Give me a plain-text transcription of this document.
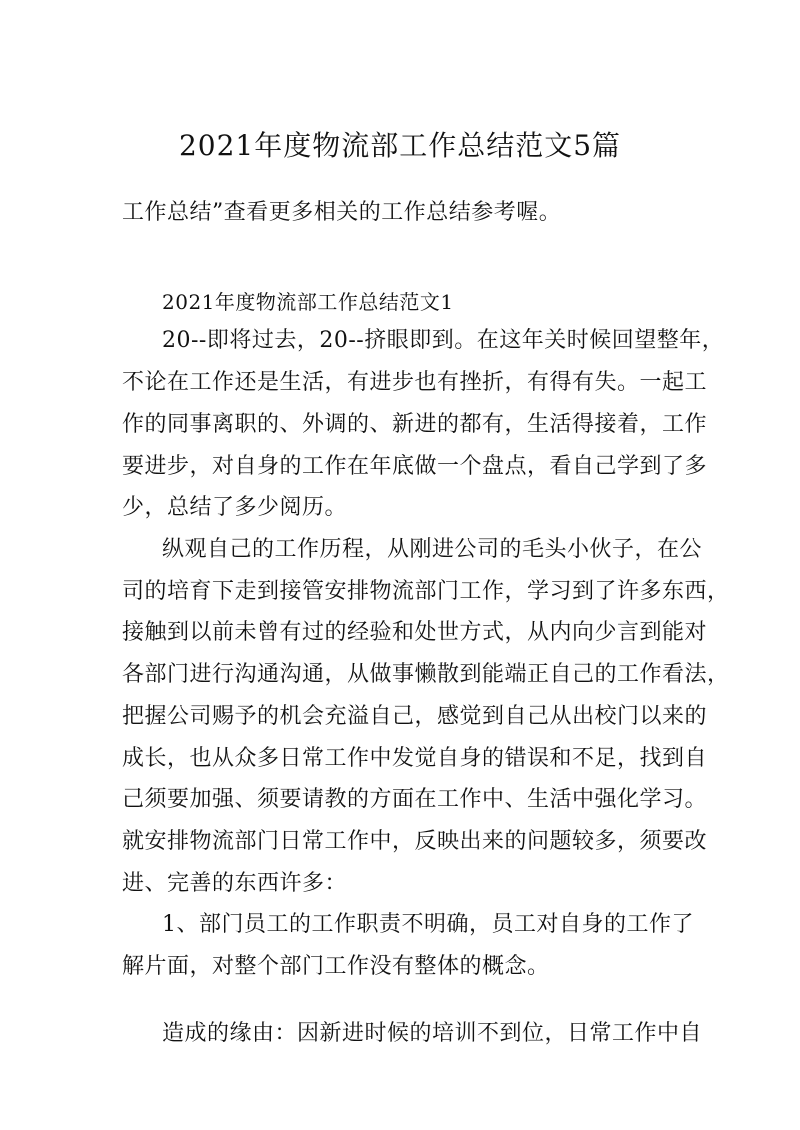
2021年度物流部工作总结范文5篇
工作总结”查看更多相关的工作总结参考喔。
2021年度物流部工作总结范文1
20--即将过去，20--挤眼即到。在这年关时候回望整年，
不论在工作还是生活，有进步也有挫折，有得有失。一起工
作的同事离职的、外调的、新进的都有，生活得接着，工作
要进步，对自身的工作在年底做一个盘点，看自己学到了多
少，总结了多少阅历。
纵观自己的工作历程，从刚进公司的毛头小伙子，在公
司的培育下走到接管安排物流部门工作，学习到了许多东西，
接触到以前未曾有过的经验和处世方式，从内向少言到能对
各部门进行沟通沟通，从做事懒散到能端正自己的工作看法，
把握公司赐予的机会充溢自己，感觉到自己从出校门以来的
成长，也从众多日常工作中发觉自身的错误和不足，找到自
己须要加强、须要请教的方面在工作中、生活中强化学习。
就安排物流部门日常工作中，反映出来的问题较多，须要改
进、完善的东西许多：
1、部门员工的工作职责不明确，员工对自身的工作了
解片面，对整个部门工作没有整体的概念。
造成的缘由：因新进时候的培训不到位，日常工作中自
